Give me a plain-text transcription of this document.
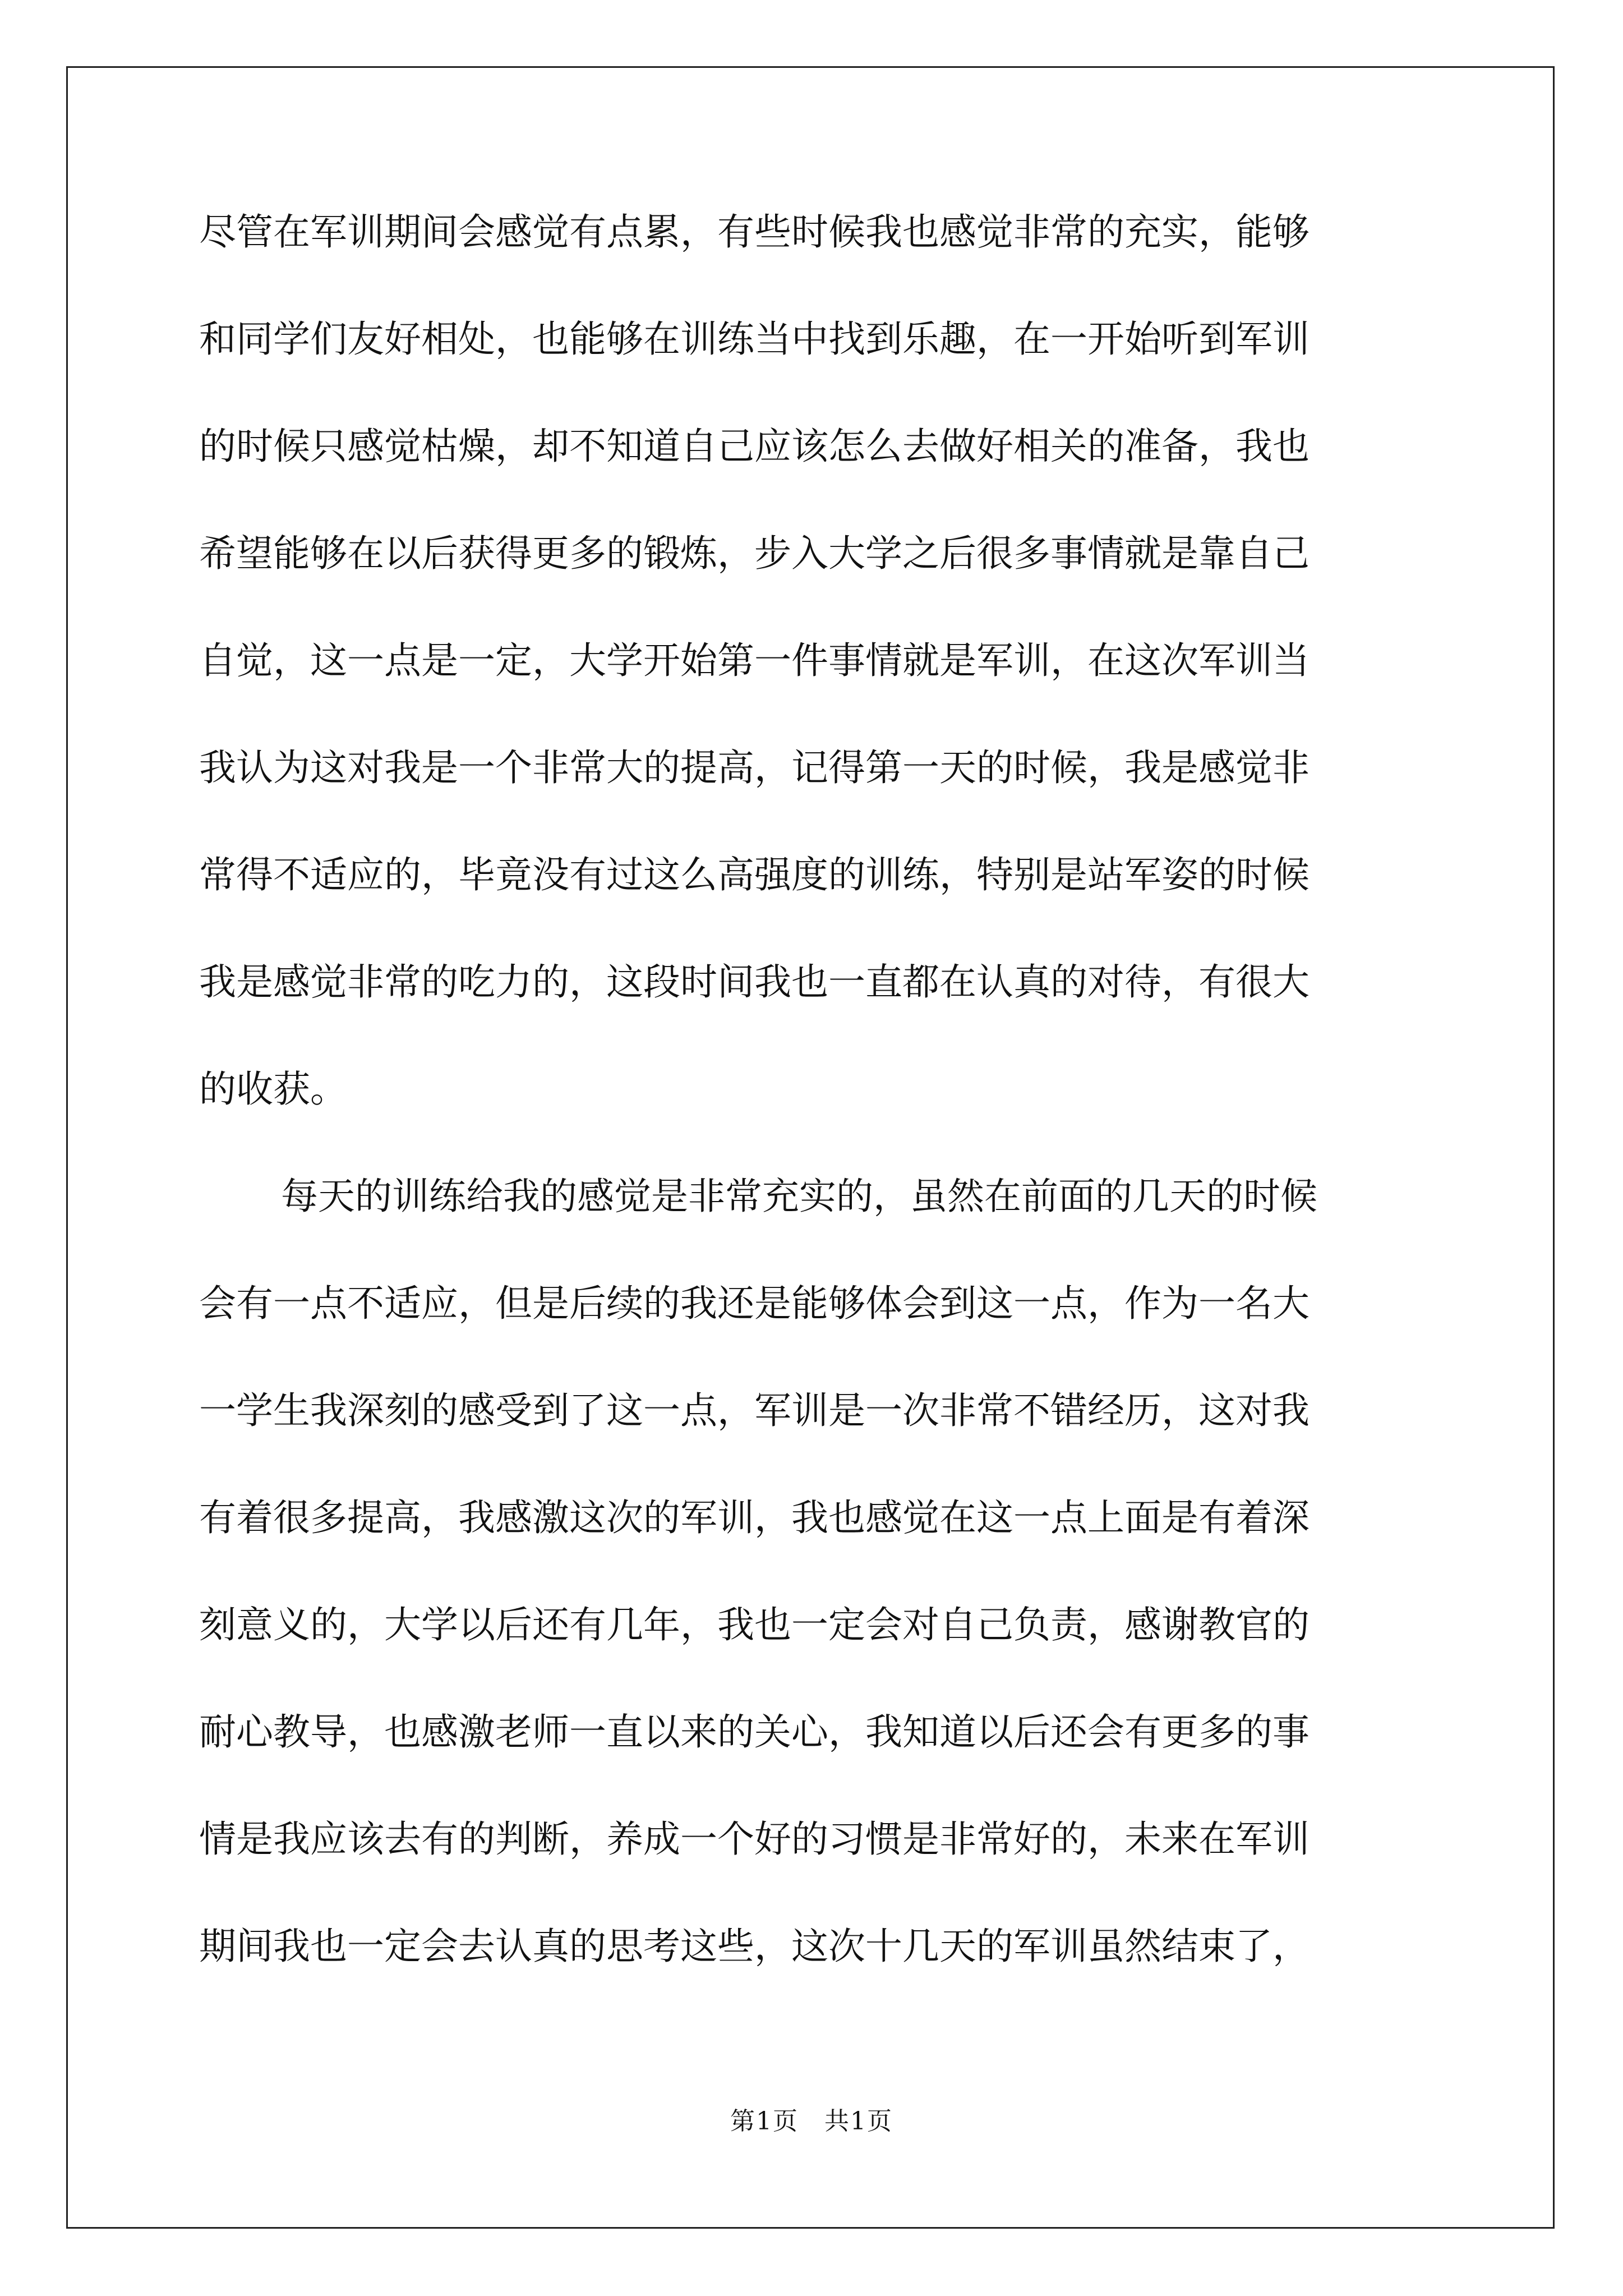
尽管在军训期间会感觉有点累，有些时候我也感觉非常的充实，能够
和同学们友好相处，也能够在训练当中找到乐趣，在一开始听到军训
的时候只感觉枯燥，却不知道自己应该怎么去做好相关的准备，我也
希望能够在以后获得更多的锻炼，步入大学之后很多事情就是靠自己
自觉，这一点是一定，大学开始第一件事情就是军训，在这次军训当
我认为这对我是一个非常大的提高，记得第一天的时候，我是感觉非
常得不适应的，毕竟没有过这么高强度的训练，特别是站军姿的时候
我是感觉非常的吃力的，这段时间我也一直都在认真的对待，有很大
的收获。
每天的训练给我的感觉是非常充实的，虽然在前面的几天的时候
会有一点不适应，但是后续的我还是能够体会到这一点，作为一名大
一学生我深刻的感受到了这一点，军训是一次非常不错经历，这对我
有着很多提高，我感激这次的军训，我也感觉在这一点上面是有着深
刻意义的，大学以后还有几年，我也一定会对自己负责，感谢教官的
耐心教导，也感激老师一直以来的关心，我知道以后还会有更多的事
情是我应该去有的判断，养成一个好的习惯是非常好的，未来在军训
期间我也一定会去认真的思考这些，这次十几天的军训虽然结束了，
第1页　共1页
